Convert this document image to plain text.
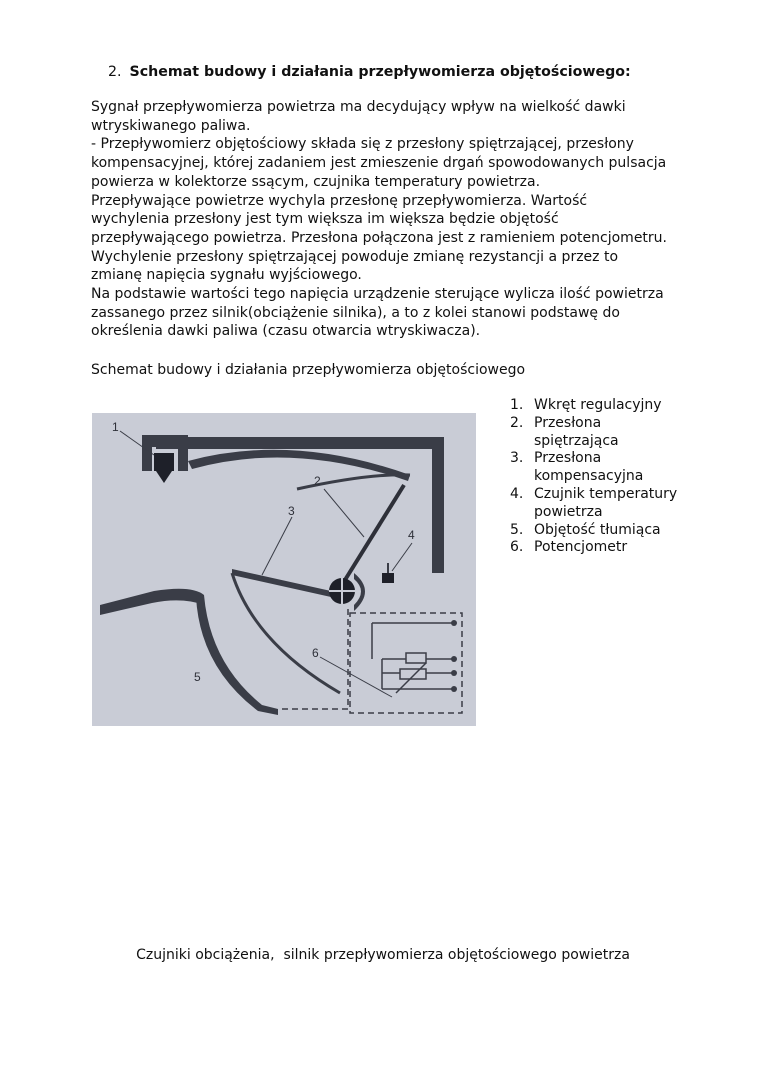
2. Schemat budowy i działania przepływomierza objętościowego:
Sygnał przepływomierza powietrza ma decydujący wpływ na wielkość dawki
wtryskiwanego paliwa.
- Przepływomierz objętościowy składa się z przesłony spiętrzającej, przesłony
kompensacyjnej, której zadaniem jest zmieszenie drgań spowodowanych pulsacja
powierza w kolektorze ssącym, czujnika temperatury powietrza.
Przepływające powietrze wychyla przesłonę przepływomierza. Wartość
wychylenia przesłony jest tym większa im większa będzie objętość
przepływającego powietrza. Przesłona połączona jest z ramieniem potencjometru.
Wychylenie przesłony spiętrzającej powoduje zmianę rezystancji a przez to
zmianę napięcia sygnału wyjściowego.
Na podstawie wartości tego napięcia urządzenie sterujące wylicza ilość powietrza
zassanego przez silnik(obciążenie silnika), a to z kolei stanowi podstawę do
określenia dawki paliwa (czasu otwarcia wtryskiwacza).
Schemat budowy i działania przepływomierza objętościowego
1
2
3
4
5
6
1. Wkręt regulacyjny
2. Przesłona spiętrzająca
3. Przesłona kompensacyjna
4. Czujnik temperatury powietrza
5. Objętość tłumiąca
6. Potencjometr
Czujniki obciążenia,  silnik przepływomierza objętościowego powietrza
